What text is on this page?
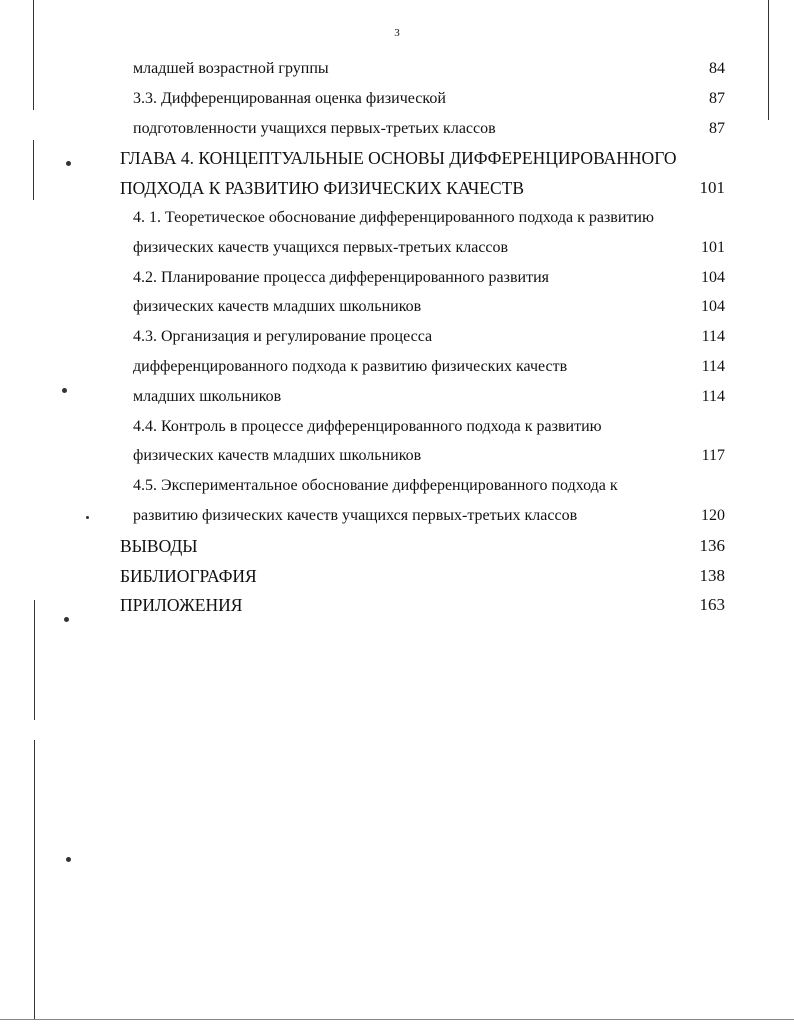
3
младшей возрастной группы	84
3.3. Дифференцированная оценка физической	87
подготовленности учащихся первых-третьих классов	87
ГЛАВА 4. КОНЦЕПТУАЛЬНЫЕ ОСНОВЫ ДИФФЕРЕНЦИРОВАННОГО
ПОДХОДА К РАЗВИТИЮ ФИЗИЧЕСКИХ КАЧЕСТВ	101
4. 1. Теоретическое обоснование дифференцированного подхода к развитию
физических качеств учащихся первых-третьих классов	101
4.2. Планирование процесса дифференцированного развития	104
физических качеств младших школьников	104
4.3. Организация и регулирование процесса	114
дифференцированного подхода к развитию физических качеств	114
младших школьников	114
4.4. Контроль в процессе дифференцированного подхода к развитию
физических качеств младших школьников	117
4.5. Экспериментальное обоснование дифференцированного подхода к
развитию физических качеств учащихся первых-третьих классов	120
ВЫВОДЫ	136
БИБЛИОГРАФИЯ	138
ПРИЛОЖЕНИЯ	163
